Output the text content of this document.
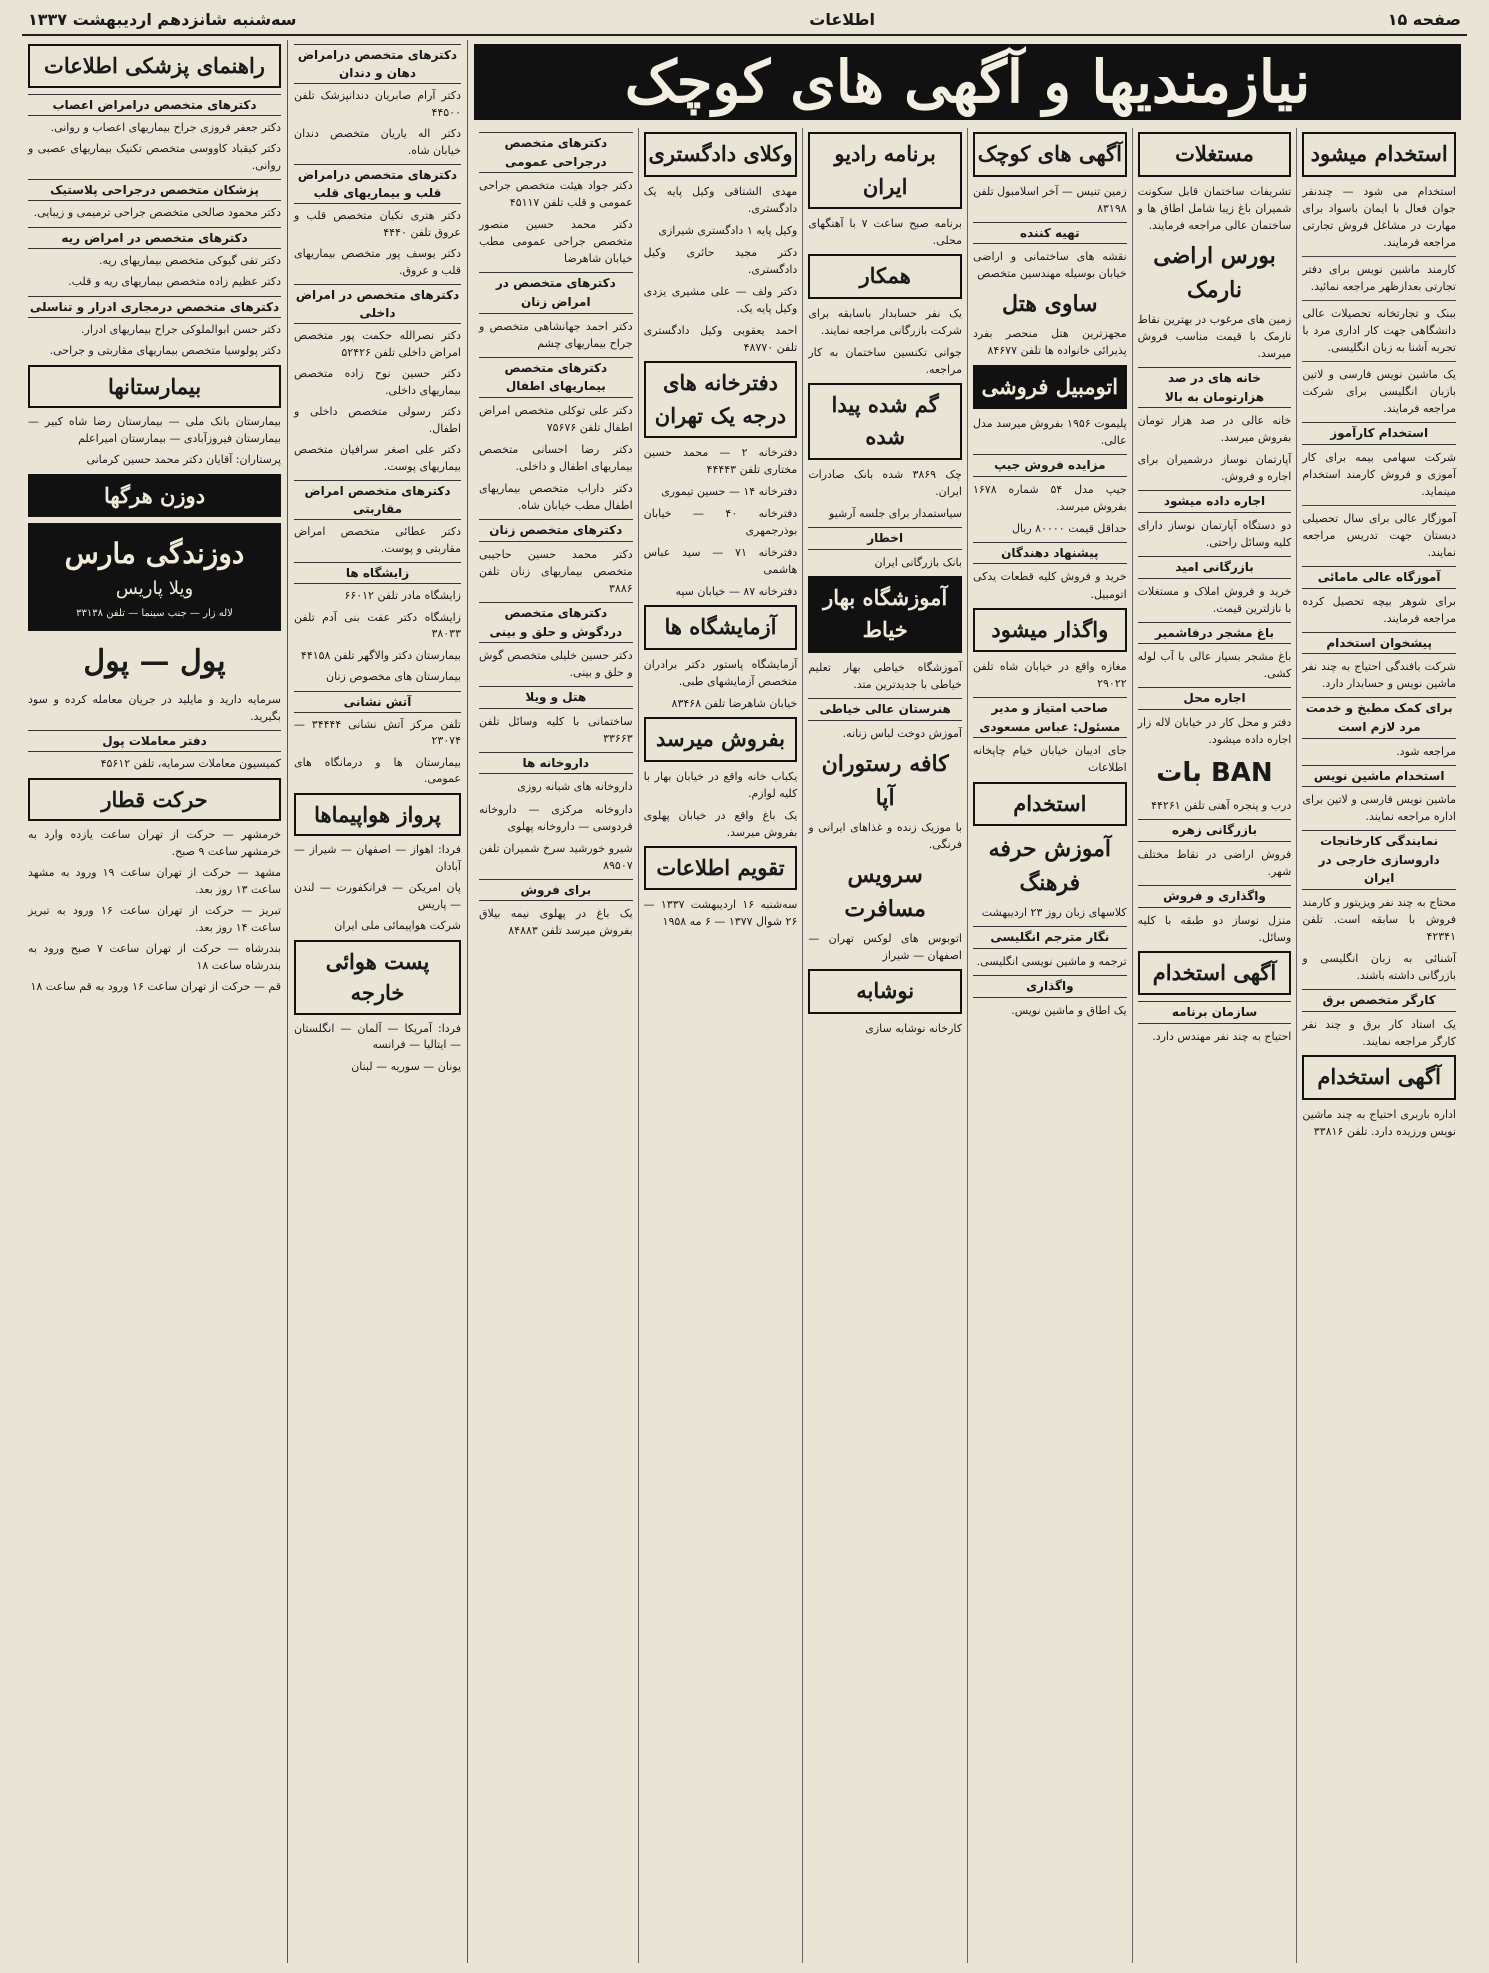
صفحه ۱۵
اطلاعات
سه‌شنبه شانزدهم اردیبهشت ۱۳۳۷
نیازمندیها و آگهی های کوچک
استخدام میشود

استخدام می شود — چندنفر جوان فعال با ایمان باسواد برای مهارت در مشاغل فروش تجارتی مراجعه فرمایند.

کارمند ماشین نویس برای دفتر تجارتی بعدازظهر مراجعه نمائید.

ببنک و تجارتخانه تحصیلات عالی دانشگاهی جهت کار اداری مرد با تجربه آشنا به زبان انگلیسی.

یک ماشین نویس فارسی و لاتین بازبان انگلیسی برای شرکت مراجعه فرمایند.

استخدام کارآموز

شرکت سهامی بیمه برای کار آموزی و فروش کارمند استخدام مینماید.

آموزگار عالی برای سال تحصیلی دبستان جهت تدریس مراجعه نمایند.

آموزگاه عالی مامائی

برای شوهر بیچه تحصیل کرده مراجعه فرمایند.

پیشخوان استخدام

شرکت بافندگی احتیاج به چند نفر ماشین نویس و حسابدار دارد.

برای کمک مطبخ و خدمت مرد لازم است

مراجعه شود.

استخدام ماشین نویس

ماشین نویس فارسی و لاتین برای اداره مراجعه نمایند.

نمایندگی کارخانجات داروسازی خارجی در ایران

محتاج به چند نفر ویزیتور و کارمند فروش با سابقه است. تلفن ۴۲۳۴۱

آشنائی به زبان انگلیسی و بازرگانی داشته باشند.

کارگر متخصص برق

یک استاد کار برق و چند نفر کارگر مراجعه نمایند.

آگهی استخدام

اداره باربری احتیاج به چند ماشین نویس ورزیده دارد. تلفن ۳۳۸۱۶

مستغلات

تشریفات ساختمان قابل سکونت شمیران باغ زیبا شامل اطاق ها و ساختمان عالی مراجعه فرمایند.

بورس اراضی نارمک

زمین های مرغوب در بهترین نقاط نارمک با قیمت مناسب فروش میرسد.

خانه های در صد هزارتومان به بالا

خانه عالی در صد هزار تومان بفروش میرسد.

آپارتمان نوساز درشمیران برای اجاره و فروش.

اجاره داده میشود

دو دستگاه آپارتمان نوساز دارای کلیه وسائل راحتی.

بازرگانی امید

خرید و فروش املاک و مستغلات با نازلترین قیمت.

باغ مشجر درفاشمیر

باغ مشجر بسیار عالی با آب لوله کشی.

اجاره محل

دفتر و محل کار در خیابان لاله زار اجاره داده میشود.

بات BAN

درب و پنجره آهنی تلفن ۴۴۲۶۱

بازرگانی زهره

فروش اراضی در نقاط مختلف شهر.

واگذاری و فروش

منزل نوساز دو طبقه با کلیه وسائل.

آگهی استخدام
سازمان برنامه

احتیاج به چند نفر مهندس دارد.

آگهی های کوچک

زمین تنیس — آخر اسلامبول تلفن ۸۳۱۹۸

تهیه کننده

نقشه های ساختمانی و اراضی خیابان بوسیله مهندسین متخصص

ساوی هتل

مجهزترین هتل منحصر بفرد پذیرائی خانواده ها تلفن ۸۴۶۷۷

اتومبیل فروشی

پلیموت ۱۹۵۶ بفروش میرسد مدل عالی.

مزایده فروش جیپ

جیپ مدل ۵۴ شماره ۱۶۷۸ بفروش میرسد.

حداقل قیمت ۸۰۰۰۰ ریال

پیشنهاد دهندگان

خرید و فروش کلیه قطعات یدکی اتومبیل.

واگذار میشود

مغازه واقع در خیابان شاه تلفن ۲۹۰۲۲

صاحب امتیاز و مدیر مسئول: عباس مسعودی

جای ادیبان خیابان خیام چاپخانه اطلاعات

استخدام
آموزش حرفه فرهنگ

کلاسهای زبان روز ۲۳ اردیبهشت

نگار مترجم انگلیسی

ترجمه و ماشین نویسی انگلیسی.

واگذاری

یک اطاق و ماشین نویس.

برنامه رادیو ایران

برنامه صبح ساعت ۷ با آهنگهای محلی.

همکار

یک نفر حسابدار باسابقه برای شرکت بازرگانی مراجعه نمایند.

جوانی تکنسین ساختمان به کار مراجعه.

گم شده پیدا شده

چک ۳۸۶۹ شده بانک صادرات ایران.

سیاستمدار برای جلسه آرشیو

اخطار

بانک بازرگانی ایران

آموزشگاه بهار خیاط

آموزشگاه خیاطی بهار تعلیم خیاطی با جدیدترین متد.

هنرستان عالی خیاطی

آموزش دوخت لباس زنانه.

کافه رستوران آپا

با موزیک زنده و غذاهای ایرانی و فرنگی.

سرویس مسافرت

اتوبوس های لوکس تهران — اصفهان — شیراز

نوشابه

کارخانه نوشابه سازی

وکلای دادگستری

مهدی الشتاقی وکیل پایه یک دادگستری.

وکیل پایه ۱ دادگستری شیرازی

دکتر مجید حائری وکیل دادگستری.

دکتر ولف — علی مشیری یزدی وکیل پایه یک.

احمد یعقوبی وکیل دادگستری تلفن ۴۸۷۷۰

دفترخانه های درجه یک تهران

دفترخانه ۲ — محمد حسین مختاری تلفن ۴۴۴۴۳

دفترخانه ۱۴ — حسین تیموری

دفترخانه ۴۰ — خیابان بوذرجمهری

دفترخانه ۷۱ — سید عباس هاشمی

دفترخانه ۸۷ — خیابان سپه

آزمایشگاه ها

آزمایشگاه پاستور دکتر برادران متخصص آزمایشهای طبی.

خیابان شاهرضا تلفن ۸۳۴۶۸

بفروش میرسد

یکباب خانه واقع در خیابان بهار با کلیه لوازم.

یک باغ واقع در خیابان پهلوی بفروش میرسد.

تقویم اطلاعات

سه‌شنبه ۱۶ اردیبهشت ۱۳۳۷ — ۲۶ شوال ۱۳۷۷ — ۶ مه ۱۹۵۸

دکترهای متخصص درجراحی عمومی

دکتر جواد هیئت متخصص جراحی عمومی و قلب تلفن ۴۵۱۱۷

دکتر محمد حسین منصور متخصص جراحی عمومی مطب خیابان شاهرضا

دکترهای متخصص در امراض زنان

دکتر احمد جهانشاهی متخصص و جراح بیماریهای چشم

دکترهای متخصص بیماریهای اطفال

دکتر علی توکلی متخصص امراض اطفال تلفن ۷۵۶۷۶

دکتر رضا احسانی متخصص بیماریهای اطفال و داخلی.

دکتر داراب متخصص بیماریهای اطفال مطب خیابان شاه.

دکترهای متخصص زنان

دکتر محمد حسین حاجیبی متخصص بیماریهای زنان تلفن ۳۸۸۶

دکترهای متخصص دردگوش و حلق و بینی

دکتر حسین خلیلی متخصص گوش و حلق و بینی.

هتل و ویلا

ساختمانی با کلیه وسائل تلفن ۳۳۶۶۳

داروخانه ها

داروخانه های شبانه روزی

داروخانه مرکزی — داروخانه فردوسی — داروخانه پهلوی

شیرو خورشید سرخ شمیران تلفن ۸۹۵۰۷

برای فروش

یک باغ در پهلوی نیمه بیلاق بفروش میرسد تلفن ۸۴۸۸۳

دکترهای متخصص درامراض دهان و دندان

دکتر آرام صابریان دندانپزشک تلفن ۴۴۵۰۰

دکتر اله یاریان متخصص دندان خیابان شاه.

دکترهای متخصص درامراض قلب و بیماریهای قلب

دکتر هتری نکیان متخصص قلب و عروق تلفن ۴۴۴۰

دکتر یوسف پور متخصص بیماریهای قلب و عروق.

دکترهای متخصص در امراض داخلی

دکتر نصرالله حکمت پور متخصص امراض داخلی تلفن ۵۲۴۲۶

دکتر حسین نوح زاده متخصص بیماریهای داخلی.

دکتر رسولی متخصص داخلی و اطفال.

دکتر علی اصغر سرافیان متخصص بیماریهای پوست.

دکترهای متخصص امراض مقاربتی

دکتر عطائی متخصص امراض مقاربتی و پوست.

زایشگاه ها

زایشگاه مادر تلفن ۶۶۰۱۲

زایشگاه دکتر عفت بنی آدم تلفن ۳۸۰۳۳

بیمارستان دکتر والاگهر تلفن ۴۴۱۵۸

بیمارستان های مخصوص زنان

آتش نشانی

تلفن مرکز آتش نشانی ۳۴۴۴۴ — ۲۳۰۷۴

بیمارستان ها و درمانگاه های عمومی.

پرواز هواپیماها

فردا: اهواز — اصفهان — شیراز — آبادان

پان امریکن — فرانکفورت — لندن — پاریس

شرکت هواپیمائی ملی ایران

پست هوائی خارجه

فردا: آمریکا — آلمان — انگلستان — ایتالیا — فرانسه

یونان — سوریه — لبنان

راهنمای پزشکی اطلاعات
دکترهای متخصص درامراض اعصاب

دکتر جعفر فروزی جراح بیماریهای اعصاب و روانی.

دکتر کیقباد کاووسی متخصص تکنیک بیماریهای عصبی و روانی.

پزشکان متخصص درجراحی پلاستیک

دکتر محمود صالحی متخصص جراحی ترمیمی و زیبایی.

دکترهای متخصص در امراض ریه

دکتر تقی گیوکی متخصص بیماریهای ریه.

دکتر عظیم زاده متخصص بیماریهای ریه و قلب.

دکترهای متخصص درمجاری ادرار و تناسلی

دکتر حسن ابوالملوکی جراح بیماریهای ادرار.

دکتر پولوسیا متخصص بیماریهای مقاربتی و جراحی.

بیمارستانها

بیمارستان بانک ملی — بیمارستان رضا شاه کبیر — بیمارستان فیروزآبادی — بیمارستان امیراعلم

پرستاران: آقایان دکتر محمد حسین کرمانی

دوزن هرگها
دوزندگی مارس
ویلا پاریس
لاله زار — جنب سینما — تلفن ۳۳۱۳۸
پول — پول

سرمایه دارید و مایلید در جریان معامله کرده و سود بگیرید.

دفتر معاملات پول

کمیسیون معاملات سرمایه، تلفن ۴۵۶۱۲

حرکت قطار

خرمشهر — حرکت از تهران ساعت یازده وارد به خرمشهر ساعت ۹ صبح.

مشهد — حرکت از تهران ساعت ۱۹ ورود به مشهد ساعت ۱۳ روز بعد.

تبریز — حرکت از تهران ساعت ۱۶ ورود به تبریز ساعت ۱۴ روز بعد.

بندرشاه — حرکت از تهران ساعت ۷ صبح ورود به بندرشاه ساعت ۱۸

قم — حرکت از تهران ساعت ۱۶ ورود به قم ساعت ۱۸
